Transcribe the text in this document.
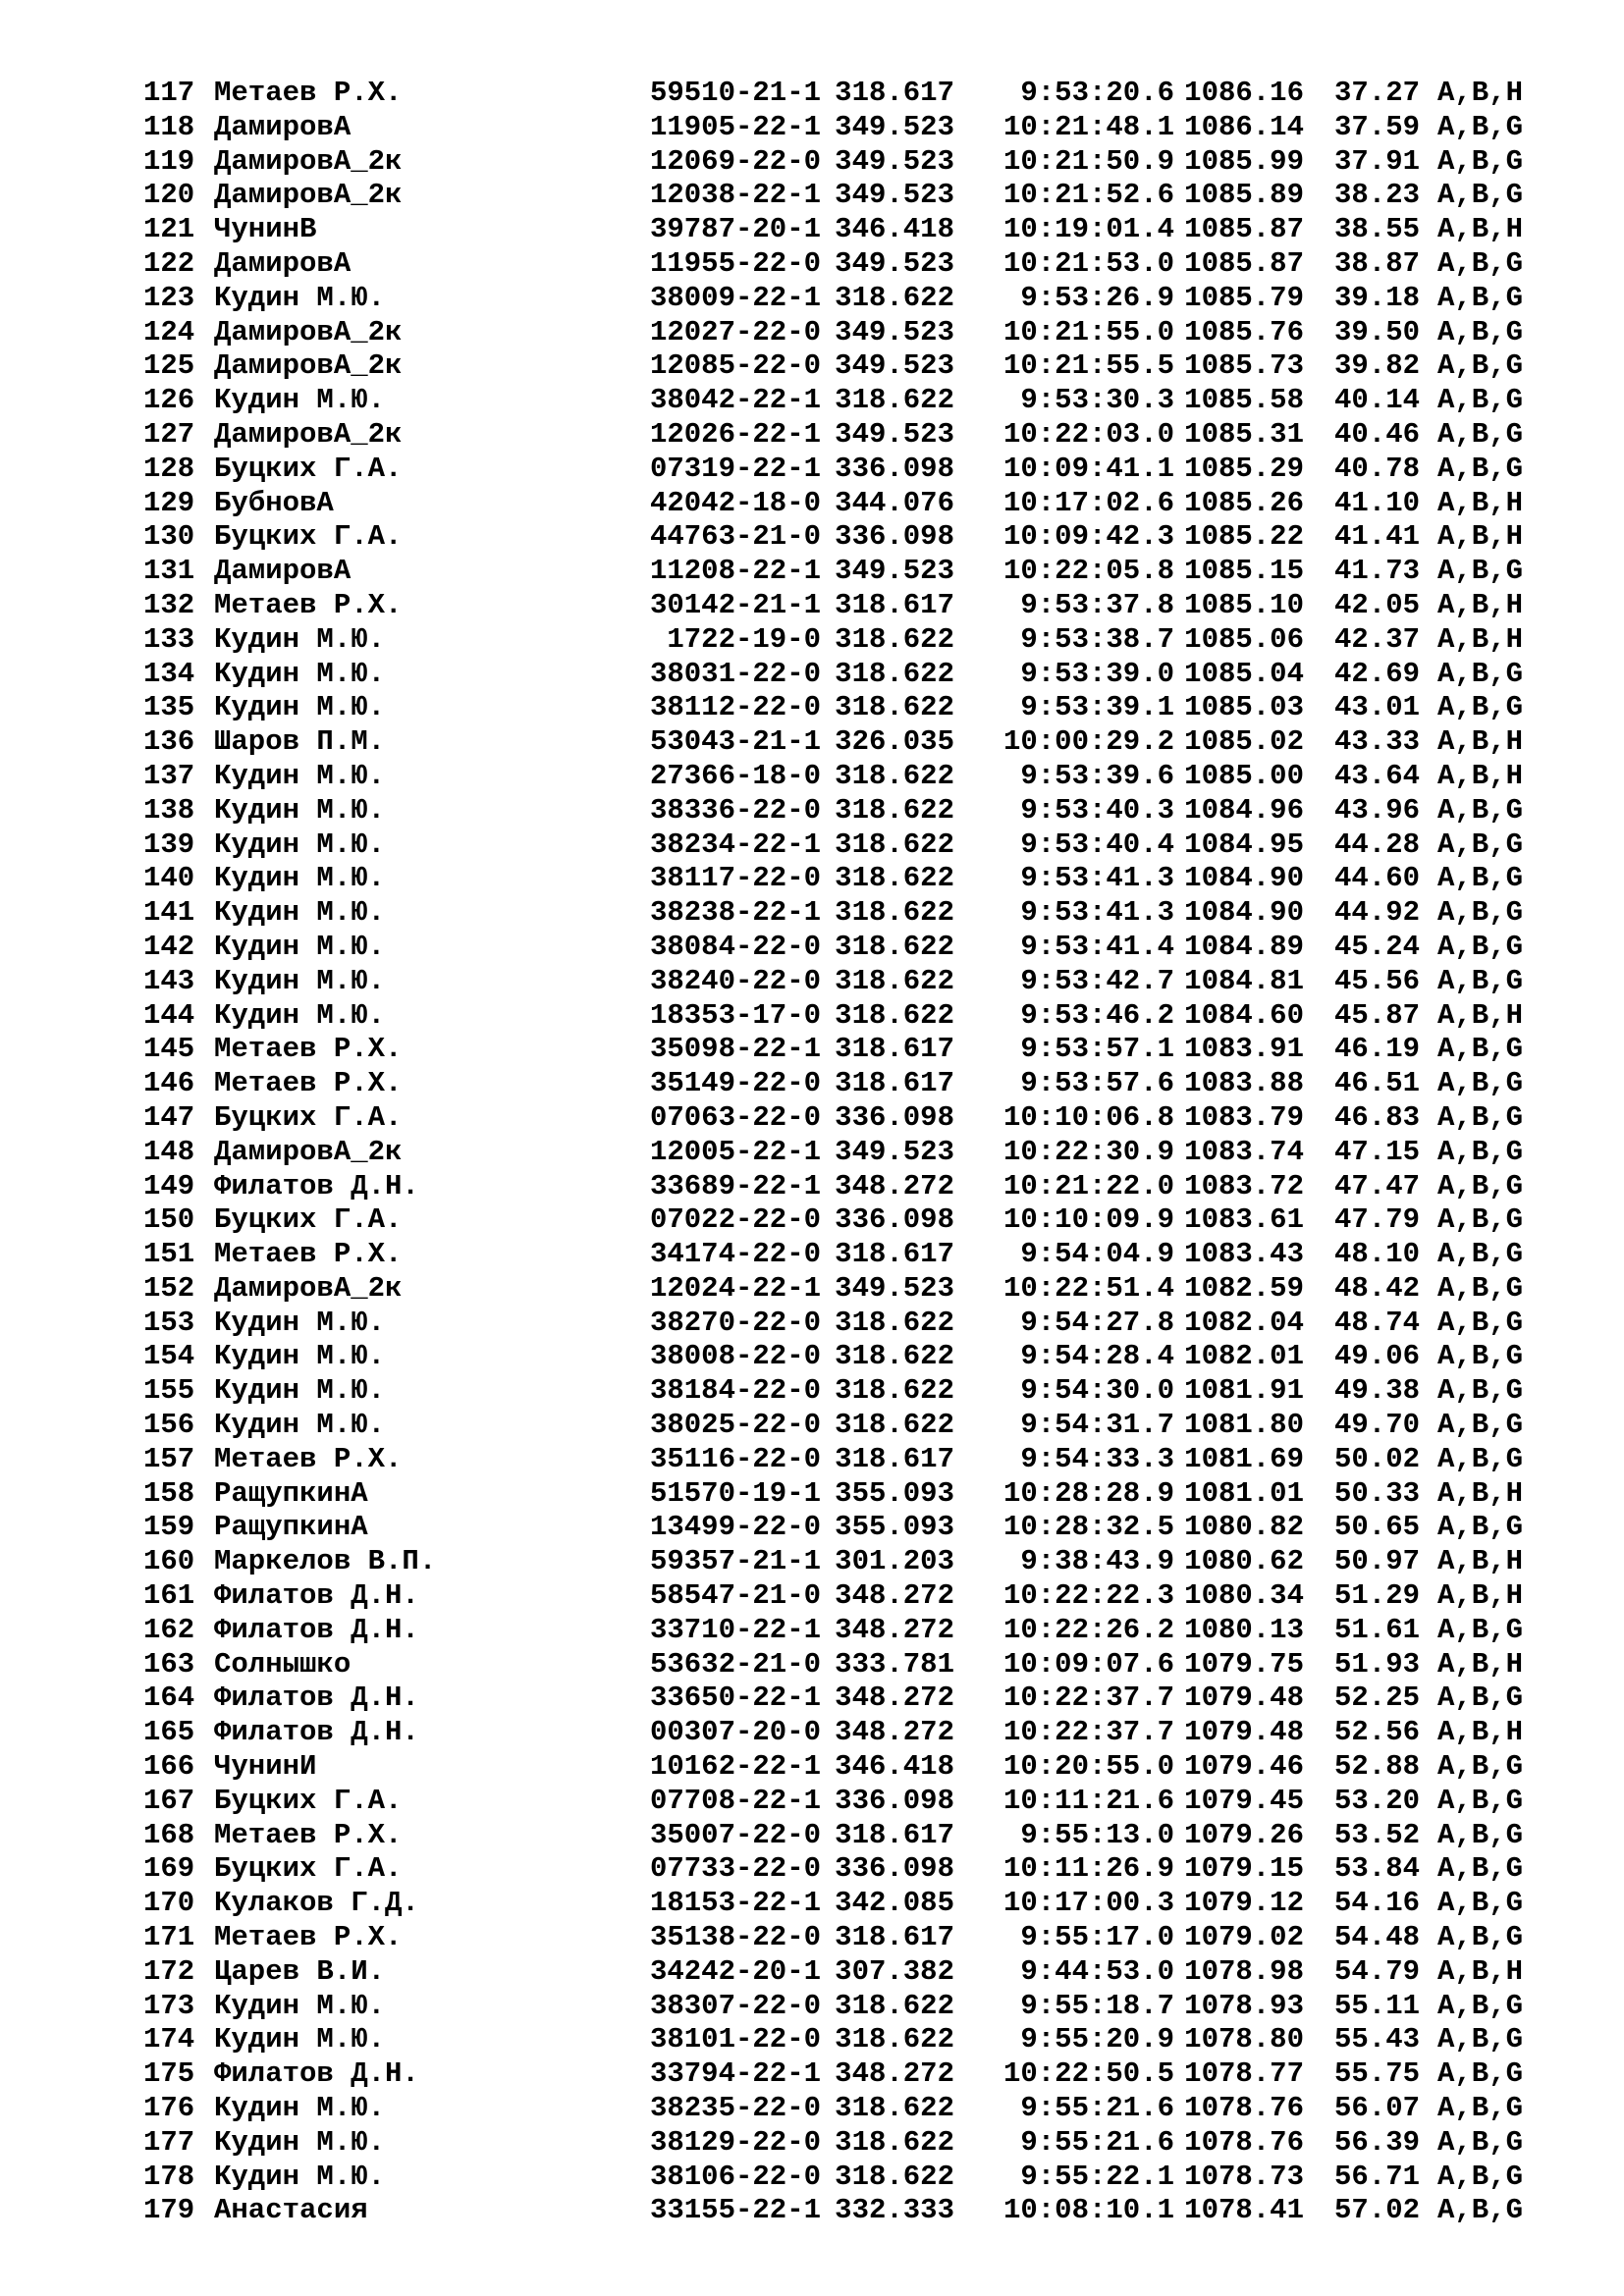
117 Метаев Р.Х.	59510-21-1 318.617	9:53:20.6 1086.16	37.27 A,B,H
118 ДамировA	11905-22-1 349.523	10:21:48.1 1086.14	37.59 A,B,G
119 ДамировA_2к	12069-22-0 349.523	10:21:50.9 1085.99	37.91 A,B,G
120 ДамировA_2к	12038-22-1 349.523	10:21:52.6 1085.89	38.23 A,B,G
121 ЧунинВ	39787-20-1 346.418	10:19:01.4 1085.87	38.55 A,B,H
122 ДамировA	11955-22-0 349.523	10:21:53.0 1085.87	38.87 A,B,G
123 Кудин М.Ю.	38009-22-1 318.622	9:53:26.9 1085.79	39.18 A,B,G
124 ДамировA_2к	12027-22-0 349.523	10:21:55.0 1085.76	39.50 A,B,G
125 ДамировA_2к	12085-22-0 349.523	10:21:55.5 1085.73	39.82 A,B,G
126 Кудин М.Ю.	38042-22-1 318.622	9:53:30.3 1085.58	40.14 A,B,G
127 ДамировA_2к	12026-22-1 349.523	10:22:03.0 1085.31	40.46 A,B,G
128 Буцких Г.А.	07319-22-1 336.098	10:09:41.1 1085.29	40.78 A,B,G
129 БубновA	42042-18-0 344.076	10:17:02.6 1085.26	41.10 A,B,H
130 Буцких Г.А.	44763-21-0 336.098	10:09:42.3 1085.22	41.41 A,B,H
131 ДамировA	11208-22-1 349.523	10:22:05.8 1085.15	41.73 A,B,G
132 Метаев Р.Х.	30142-21-1 318.617	9:53:37.8 1085.10	42.05 A,B,H
133 Кудин М.Ю.	1722-19-0 318.622	9:53:38.7 1085.06	42.37 A,B,H
134 Кудин М.Ю.	38031-22-0 318.622	9:53:39.0 1085.04	42.69 A,B,G
135 Кудин М.Ю.	38112-22-0 318.622	9:53:39.1 1085.03	43.01 A,B,G
136 Шаров П.М.	53043-21-1 326.035	10:00:29.2 1085.02	43.33 A,B,H
137 Кудин М.Ю.	27366-18-0 318.622	9:53:39.6 1085.00	43.64 A,B,H
138 Кудин М.Ю.	38336-22-0 318.622	9:53:40.3 1084.96	43.96 A,B,G
139 Кудин М.Ю.	38234-22-1 318.622	9:53:40.4 1084.95	44.28 A,B,G
140 Кудин М.Ю.	38117-22-0 318.622	9:53:41.3 1084.90	44.60 A,B,G
141 Кудин М.Ю.	38238-22-1 318.622	9:53:41.3 1084.90	44.92 A,B,G
142 Кудин М.Ю.	38084-22-0 318.622	9:53:41.4 1084.89	45.24 A,B,G
143 Кудин М.Ю.	38240-22-0 318.622	9:53:42.7 1084.81	45.56 A,B,G
144 Кудин М.Ю.	18353-17-0 318.622	9:53:46.2 1084.60	45.87 A,B,H
145 Метаев Р.Х.	35098-22-1 318.617	9:53:57.1 1083.91	46.19 A,B,G
146 Метаев Р.Х.	35149-22-0 318.617	9:53:57.6 1083.88	46.51 A,B,G
147 Буцких Г.А.	07063-22-0 336.098	10:10:06.8 1083.79	46.83 A,B,G
148 ДамировA_2к	12005-22-1 349.523	10:22:30.9 1083.74	47.15 A,B,G
149 Филатов Д.Н.	33689-22-1 348.272	10:21:22.0 1083.72	47.47 A,B,G
150 Буцких Г.А.	07022-22-0 336.098	10:10:09.9 1083.61	47.79 A,B,G
151 Метаев Р.Х.	34174-22-0 318.617	9:54:04.9 1083.43	48.10 A,B,G
152 ДамировA_2к	12024-22-1 349.523	10:22:51.4 1082.59	48.42 A,B,G
153 Кудин М.Ю.	38270-22-0 318.622	9:54:27.8 1082.04	48.74 A,B,G
154 Кудин М.Ю.	38008-22-0 318.622	9:54:28.4 1082.01	49.06 A,B,G
155 Кудин М.Ю.	38184-22-0 318.622	9:54:30.0 1081.91	49.38 A,B,G
156 Кудин М.Ю.	38025-22-0 318.622	9:54:31.7 1081.80	49.70 A,B,G
157 Метаев Р.Х.	35116-22-0 318.617	9:54:33.3 1081.69	50.02 A,B,G
158 РащупкинA	51570-19-1 355.093	10:28:28.9 1081.01	50.33 A,B,H
159 РащупкинA	13499-22-0 355.093	10:28:32.5 1080.82	50.65 A,B,G
160 Маркелов В.П.	59357-21-1 301.203	9:38:43.9 1080.62	50.97 A,B,H
161 Филатов Д.Н.	58547-21-0 348.272	10:22:22.3 1080.34	51.29 A,B,H
162 Филатов Д.Н.	33710-22-1 348.272	10:22:26.2 1080.13	51.61 A,B,G
163 Солнышко	53632-21-0 333.781	10:09:07.6 1079.75	51.93 A,B,H
164 Филатов Д.Н.	33650-22-1 348.272	10:22:37.7 1079.48	52.25 A,B,G
165 Филатов Д.Н.	00307-20-0 348.272	10:22:37.7 1079.48	52.56 A,B,H
166 ЧунинИ	10162-22-1 346.418	10:20:55.0 1079.46	52.88 A,B,G
167 Буцких Г.А.	07708-22-1 336.098	10:11:21.6 1079.45	53.20 A,B,G
168 Метаев Р.Х.	35007-22-0 318.617	9:55:13.0 1079.26	53.52 A,B,G
169 Буцких Г.А.	07733-22-0 336.098	10:11:26.9 1079.15	53.84 A,B,G
170 Кулаков Г.Д.	18153-22-1 342.085	10:17:00.3 1079.12	54.16 A,B,G
171 Метаев Р.Х.	35138-22-0 318.617	9:55:17.0 1079.02	54.48 A,B,G
172 Царев В.И.	34242-20-1 307.382	9:44:53.0 1078.98	54.79 A,B,H
173 Кудин М.Ю.	38307-22-0 318.622	9:55:18.7 1078.93	55.11 A,B,G
174 Кудин М.Ю.	38101-22-0 318.622	9:55:20.9 1078.80	55.43 A,B,G
175 Филатов Д.Н.	33794-22-1 348.272	10:22:50.5 1078.77	55.75 A,B,G
176 Кудин М.Ю.	38235-22-0 318.622	9:55:21.6 1078.76	56.07 A,B,G
177 Кудин М.Ю.	38129-22-0 318.622	9:55:21.6 1078.76	56.39 A,B,G
178 Кудин М.Ю.	38106-22-0 318.622	9:55:22.1 1078.73	56.71 A,B,G
179 Анастасия	33155-22-1 332.333	10:08:10.1 1078.41	57.02 A,B,G
